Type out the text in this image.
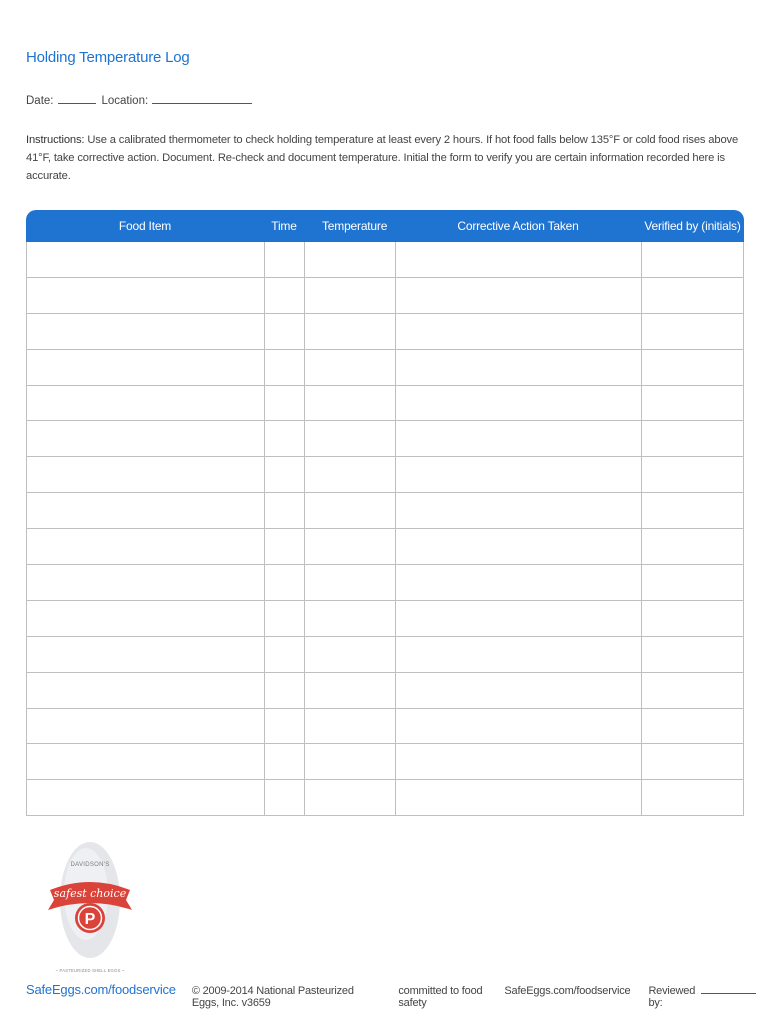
Holding Temperature Log
Date:	Location:
Instructions: Use a calibrated thermometer to check holding temperature at least every 2 hours. If hot food falls below 135°F or cold food rises above 41°F, take corrective action. Document. Re-check and document temperature. Initial the form to verify you are certain information recorded here is accurate.
Food Item	Time	Temperature	Corrective Action Taken	Verified by (initials)
DAVIDSON'S
safest choice
P
~ PASTEURIZED SHELL EGGS ~
SafeEggs.com/foodservice © 2009-2014 National Pasteurized Eggs, Inc. v3659
committed to food safety
SafeEggs.com/foodservice Reviewed by:
